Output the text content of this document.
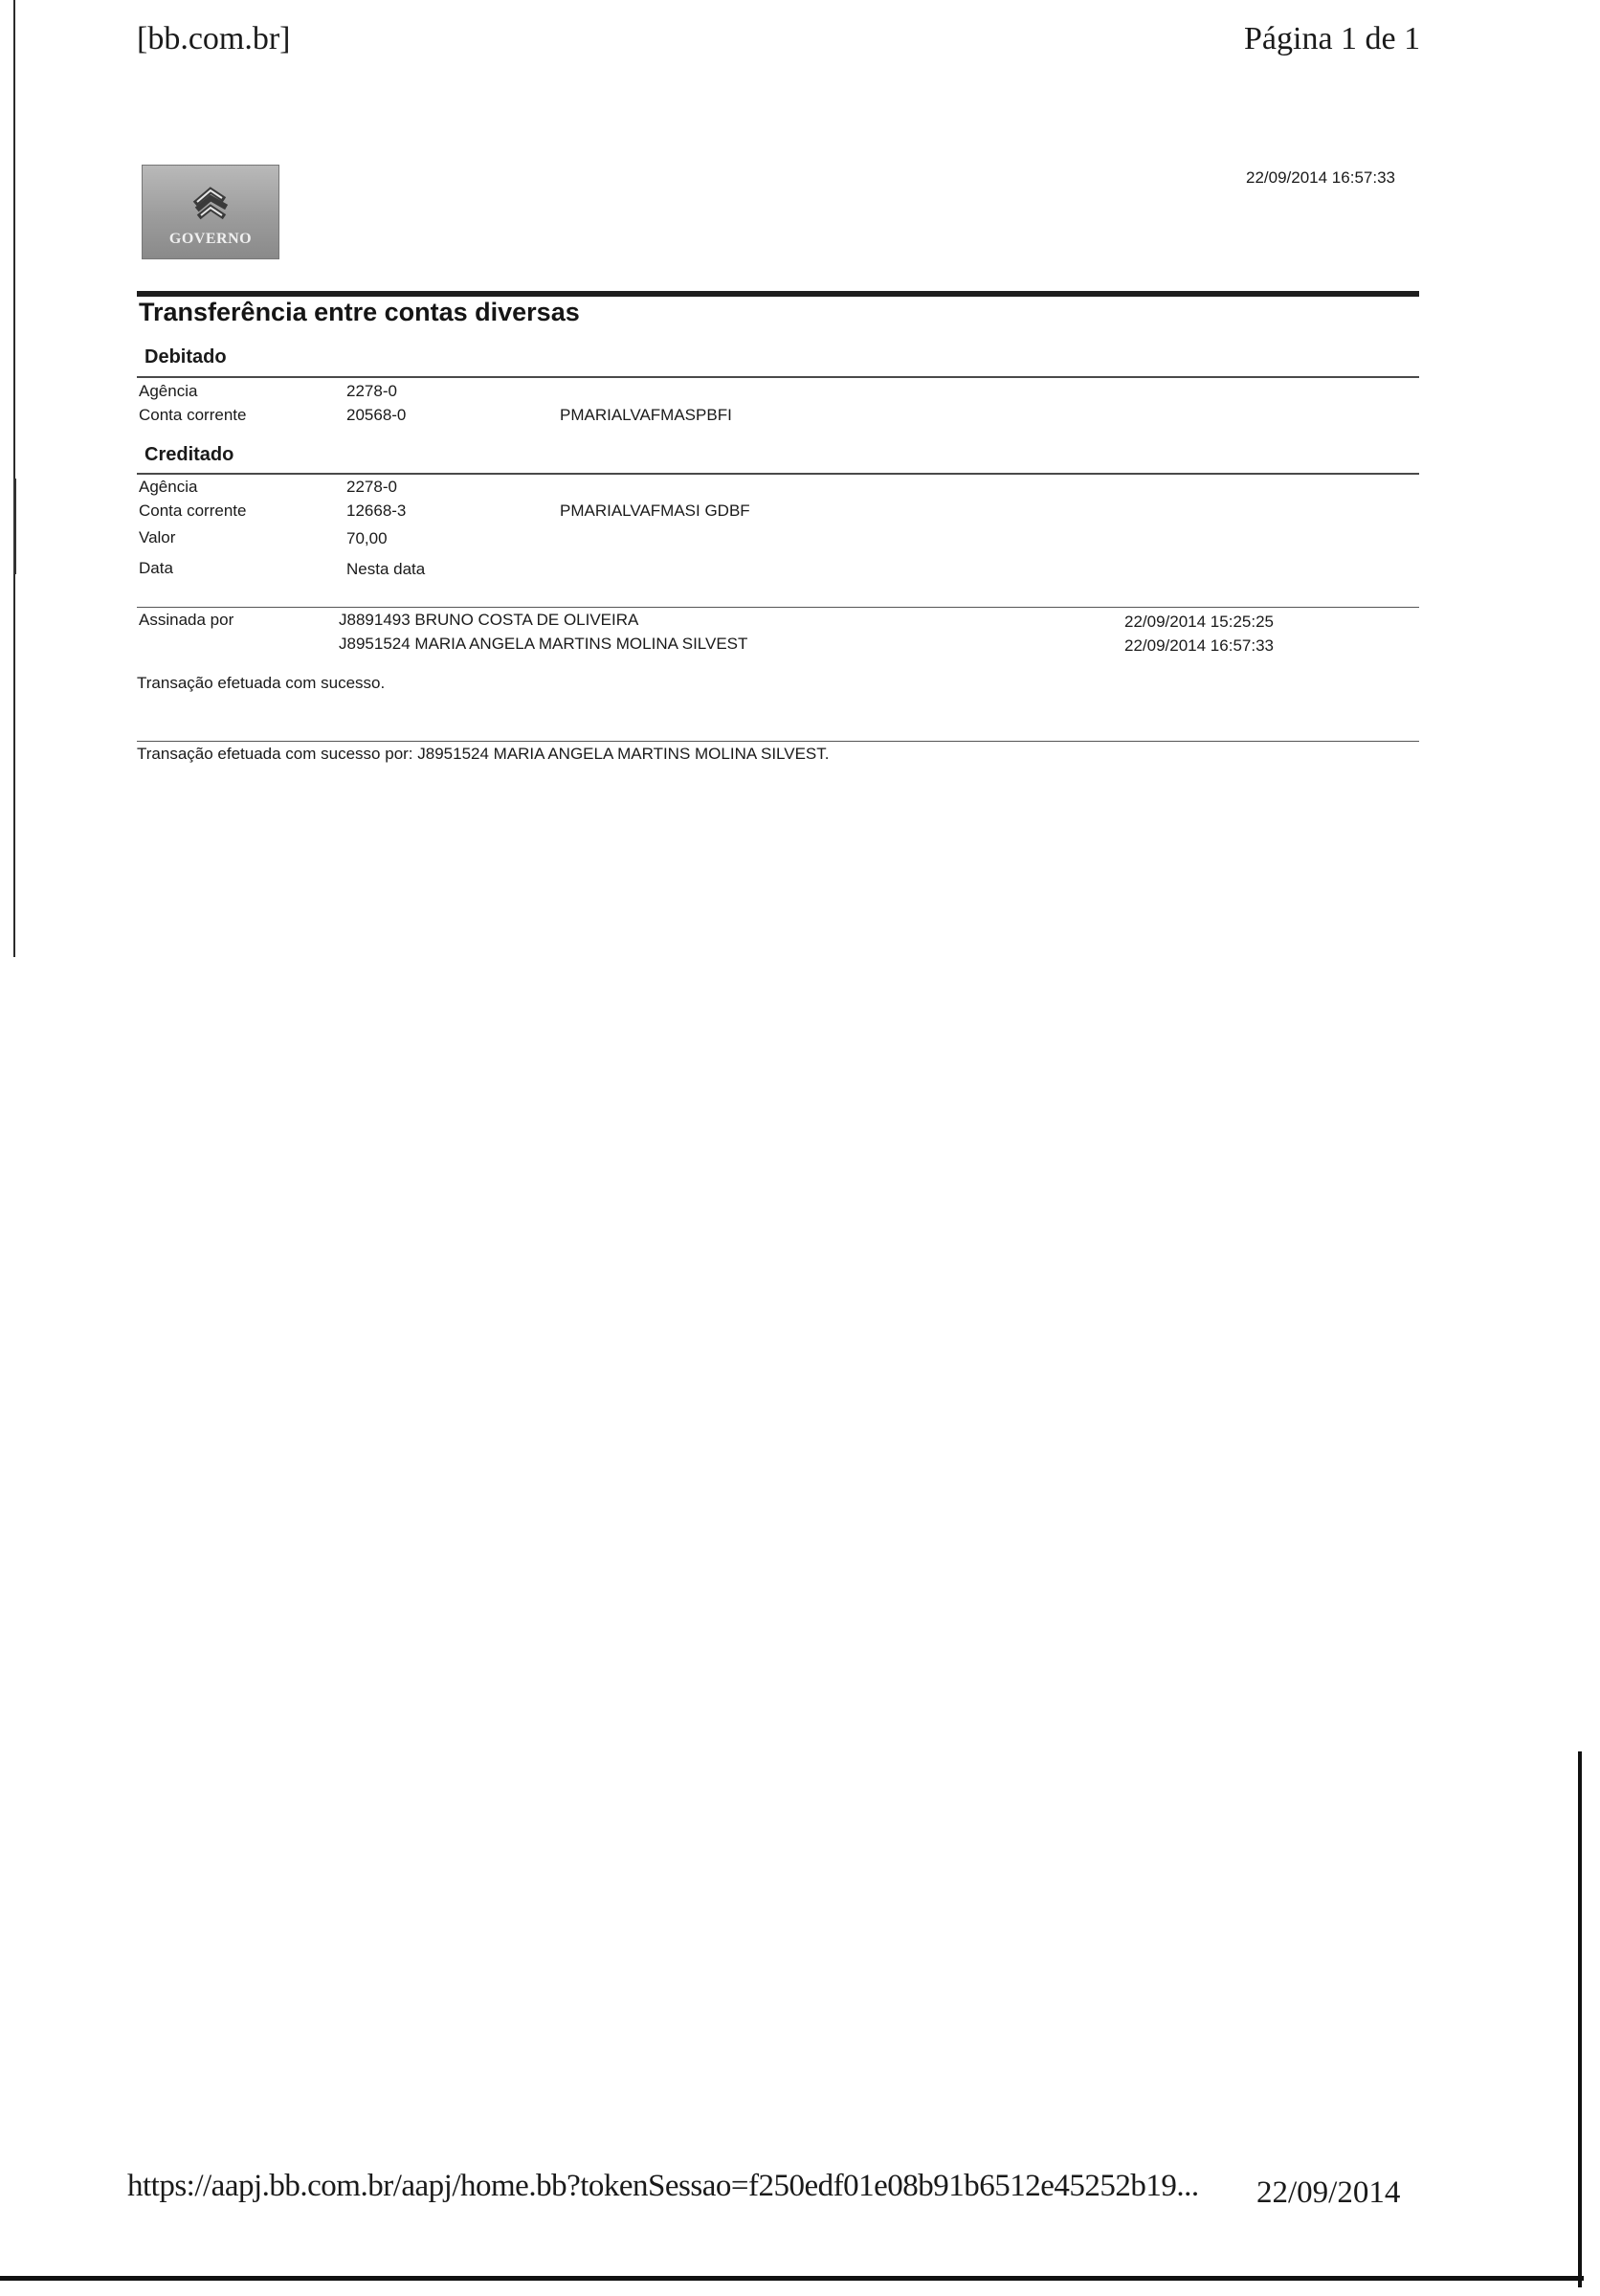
[bb.com.br]	Página 1 de 1
GOVERNO
22/09/2014 16:57:33
Transferência entre contas diversas
Debitado
Agência	2278-0
Conta corrente	20568-0	PMARIALVAFMASPBFI
Creditado
Agência	2278-0
Conta corrente	12668-3	PMARIALVAFMASI GDBF
Valor	70,00
Data	Nesta data
Assinada por	J8891493 BRUNO COSTA DE OLIVEIRA	22/09/2014 15:25:25
J8951524 MARIA ANGELA MARTINS MOLINA SILVEST	22/09/2014 16:57:33
Transação efetuada com sucesso.
Transação efetuada com sucesso por: J8951524 MARIA ANGELA MARTINS MOLINA SILVEST.
https://aapj.bb.com.br/aapj/home.bb?tokenSessao=f250edf01e08b91b6512e45252b19... 22/09/2014
